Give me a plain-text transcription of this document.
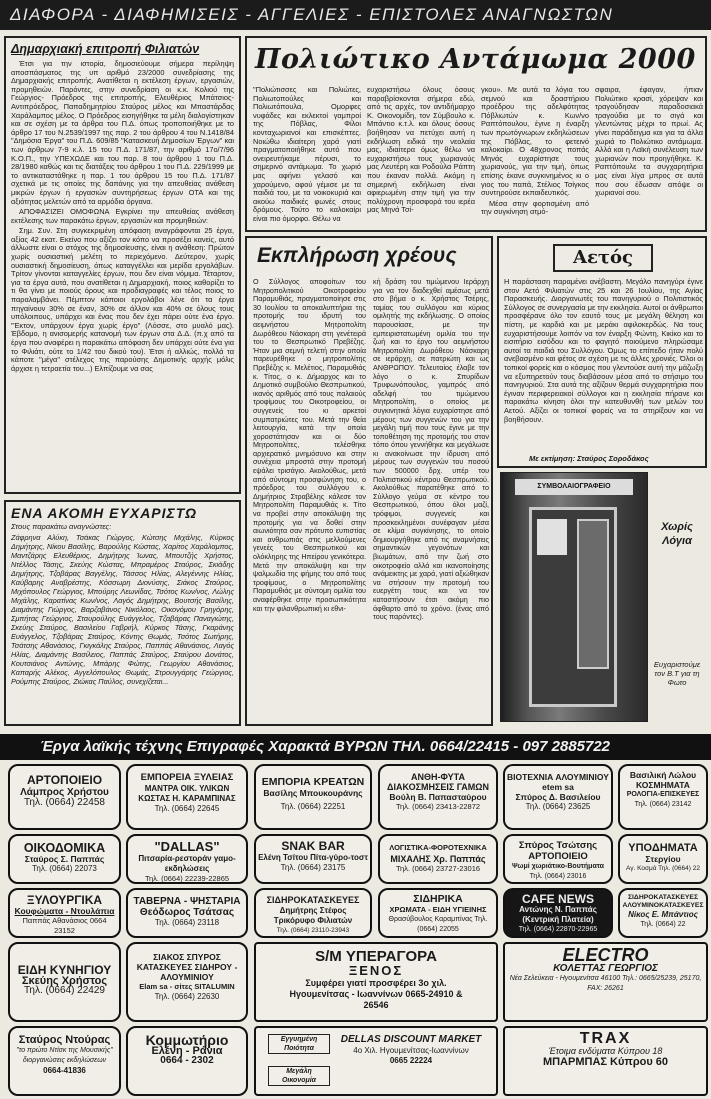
ΔΙΑΦΟΡΑ - ΔΙΑΦΗΜΙΣΕΙΣ - ΑΓΓΕΛΙΕΣ - ΕΠΙΣΤΟΛΕΣ ΑΝΑΓΝΩΣΤΩΝ
Δημαρχιακή επιτροπή Φιλιατών

Έτσι για την ιστορία, δημοσιεύουμε σήμερα περίληψη αποσπάσματος της υπ αριθμό 23/2000 συνεδρίασης της Δημαρχιακής επιτροπής. Ανατίθεται η εκτέλεση έργων, εργασιών, προμηθειών. Παρόντες, στην συνεδρίαση οι κ.κ. Κολιού της Γεώργιος- Πρόεδρος της επιτροπής, Ελευθέριος Μπάτσιος- Αντιπρόεδρος, Παπαδημητρίου Σταύρος μέλος και Μπαστάρδας Χαράλαμπος μέλος. Ο Πρόεδρος εισηγήθηκε τα μέλη διαλογίστηκαν και σε σχέση με τα άρθρα του Π.Δ. όπως τροποποιήθηκε με το άρθρο 17 του Ν.2539/1997 της παρ. 2 του άρθρου 4 του Ν.1418/84 "Δημόσια Έργα" του Π.Δ. 609/85 "Κατασκευή Δημοσίων Έργων" και των άρθρων 7-9 κ.λ. 15 του Π.Δ. 171/87, την αριθμό 17ο/7/96 Κ.Ο.Π., την ΥΠΕΧΩΔΕ και του παρ. 8 του άρθρου 1 του Π.Δ. 28/1980 καθώς και τις διατάξεις του άρθρου 1 του Π.Δ. 229/1999 με το αντικαταστάθηκε η παρ. 1 του άρθρου 15 του Π.Δ. 171/87 σχετικά με τις οποίες της δαπάνης για την απευθείας ανάθεση μικρών έργων ή εργασιών συντηρήσεως έργων ΟΤΑ και της αξιότητας μελετών από τα αρμόδια όργανα.

ΑΠΟΦΑΣΙΖΕΙ ΟΜΟΦΩΝΑ Εγκρίνει την απευθείας ανάθεση εκτέλεσης των παρακάτω έργων, εργασιών και προμηθειών:

Σημ. Συν. Στη συγκεκριμένη απόφαση αναγράφονται 25 έργα, αξίας 42 εκατ. Εκείνο που αξίζει τον κόπο να προσέξει κανείς, αυτό άλλωστε είναι ο στόχος της δημοσίευσης, είναι η ανάθεση: Πρώτον χωρίς ουσιαστική μελέτη το περιεχόμενο. Δεύτερον, χωρίς ουσιαστική δημοσίευση, όπως καταγγέλλει και μερίδα εργολάβων. Τρίτον γίνονται καταγγελίες έργων, που δεν είναι νόμιμα. Τέταρτον, για τα έργα αυτά, που ανατίθεται η Δημαρχιακή, ποιος καθορίζει το τι θα γίνει με ποιούς όρους και προδιαγραφές και τέλος ποιος το παραλαμβάνει. Πέμπτον κάποιοι εργολάβοι λένε ότι τα έργα πηγαίνουν 30% σε έναν, 30% σε άλλον και 40% σε όλους τους υπόλοιπους, υπάρχει και ένας που δεν έχει πάρει ούτε ένα έργο. "Έκτον, υπάρχουν έργα χωρίς έργο" (Λόσσε, στο μυαλό μας). Έβδομο, η ανισομερής κατανομή των έργων στα Δ.Δ. (π.χ από τα έργα που αναφέρει η παρακάτω απόφαση δεν υπάρχει ούτε ένα για το Φιλιάτι, ούτε το 1/42 του δικού του). Έτσι ή αλλιώς, πολλά τα κάποτε "μέγα" στέλεχος της παρούσης Δημοτικής αρχής μόλις άρχισε η τετραετία του...) Ελπίζουμε να σας

ΕΝΑ ΑΚΟΜΗ ΕΥΧΑΡΙΣΤΩ
Στους παρακάτω αναγνώστες:
Ζάφρηνα Αλύκη, Τσάκας Γιώργος, Κώτσης Μιχάλης, Κύρκος Δημήτρης, Νίκου Βασίλης, Βαρούλης Κώστας, Χαρίτος Χαράλαμπος, Μαντζάρης Ελευθέριος, Δημήτρης Ίωνας, Μπουτζής Χρήστος, Ντέλλος Τάσης, Σκεύης Κώστας, Μπραμέρος Σταύρος, Σκιάδης Δημήτρης, Τζοβάρας Βαγγέλης, Τάσσος Ηλίας, Αλεγέννης Ηλίας, Καύβαρης Αναβρέστης, Κόσσωρη Διονύσης, Σιάκος Σταύρος, Μιχόπουλος Γεώργιος, Μπούρης Λεωνίδας, Τσότος Κων/νος, Λώλης Μιχάλης, Καρατίνας Κων/νος, Λαγός Δημήτρης, Βουτσής Βασίλης, Διαμάντης Γιώργος, Βαρζαβάνος Νικόλαος, Οικονόμου Γρηγόρης, Σμπήτας Γεώργιος, Σταυρούλης Ευάγγελος, Τζαβάρας Παναγιώτης, Σκεύης Σταύρος, Βασιλείου Γαβριήλ, Κύρκος Τάσης, Γκαράνης Ευάγγελος, Τζοβάρας Σταύρος, Κόντης Θωμάς, Τσότος Σωτήρης, Τσάτσης Αθανάσιος, Γκιγκάλης Σταύρος, Παππάς Αθανάσιος, Λαγός Ηλίας, Διαμάντης Βασίλειος, Παππάς Σταύρος, Σταύρου Δονάτος, Κουτσιάνος Αντώνης, Μπάρης Φώτης, Γεωργίου Αθανάσιος, Καπαρής Αλέκος, Αγγελόπουλος Θωμάς, Στρουγγάρης Γεώργιος, Ρούμπης Σταύρος, Ζιώκας Παύλος, συνεχίζεται...
Πολιώτικο Αντάμωμα 2000
"Πολιώτισσες και Πολιώτες, Πολιωτοπούλες και Πολιωτόπουλα, Ομορφες νυφάδες και εκλεκτοί γαμπροί της Πόβλας, Φίλοι κονταχωριανοί και επισκέπτες. Νοιώθω ιδιαίτερη χαρά γιατί πραγματοποιήθηκε αυτό που ονειρευτήκαμε πέρυσι, το σημερινό αντάμωμα. Το χωριό μας αφήνει γελασό και χαρούμενο, αφού γέμισε με τα παιδιά του, με τα νοικοκυριά και ακούω παιδικές φωνές στους δρόμους. Τούτο το καλοκαίρι είναι πιο όμορφο. Θέλω να
ευχαριστήσω όλους όσους παραβρίσκονται σήμερα εδώ, από τις αρχές, τον αντιδήμαρχο Κ. Οικονομίδη, τον Σύμβουλο κ. Μπάντιο κ.τ.λ. και όλους όσους βοήθησαν να πετύχει αυτή η εκδήλωση ειδικά την νεολαία μας, ιδιαίτερα όμως θέλω να ευχαριστήσω τους χωριανούς μας Λευτέρη και Ροδούλα Ράπτη που έκαναν πολλά. Ακόμη η σημερινή εκδήλωση είναι αφιερωμένη στην τιμή για την πολύχρονη προσφορά του ιερέα μας Μηνά Τσί-
γκου». Με αυτά τα λόγια του σεμνού και δραστήριου προέδρου της αδελφότητας Πόβλιωτών κ. Κων/νο Ραπτόπουλου, έγινε η έναρξη των πρωτόγνωρων εκδηλώσεων της Πόβλας, το φετεινό καλοκαίρι. Ο 48χρονος ποπάς Μηνάς ευχαρίστησε τους χωριανούς, για την τιμή, όπως επίσης έκανε συγκινημένος κι ο γιος του παπά, Στέλιος Τσίγκος συντηρούσε εκπαιδευτικός.
Μέσα στην φορτισμένη από την συγκίνηση ατμό-
σφαιρα, έφαγαν, ήπιαν Πολιώτικο κρασί, χόρεψαν και τραγούδησαν παραδοσιακά τραγούδια με το σιγά και γλεντώντας μέχρι το πρωί. Ας γίνει παράδειγμα και για τα άλλα χωριά το Πολιώτικο αντάμωμα. Αλλά και η Λαϊκή συνέλευση των χωριανών που προηγήθηκε. Κ. Ραπτόπουλε τα συγχαρητήρια μας είναι λίγα μπρος σε αυτά που σου έδωσαν απόψε οι χωριανοί σου.
Εκπλήρωση χρέους
Ο Σύλλογος αποφοίτων του Μητροπολιτικού Οικοτροφείου Παραμυθιάς, πραγματοποίησε στις 30 Ιουλίου τα αποκαλυπτήρια της προτομής του ιδρυτή του αειμνήστου Μητροπολίτη Δωρόθεου Νάσκαρη στη γενέτειρά του το Θεσπρωτικό Πρεβέζης. Ήταν μια σεμνή τελετή στην οποία παρευρέθηκε ο μητροπολίτης Πρεβέζης κ. Μελέτιος, Παραμυθιάς κ. Τίτος, ο κ. Δήμαρχος και το Δημοτικό συμβούλιο Θεσπρωτικού, ικανός αριθμός από τους παλαιούς τροφίμους του Οικοτροφείου, οι συγγενείς του κι αρκετοί συμπατριώτες του. Μετά την θεία λειτουργία, κατά την οποία χοροστάτησαν και οι δύο Μητροπολίτες, τελέσθηκε αρχιερατικό μνημόσυνο και στην συνέχεια μπροστά στην προτομή εψάλει τρισάγιο. Ακολούθως, μετά από σύντομη προσφώνηση του, ο πρόεδρος του συλλόγου κ. Δημήτριος Στραβέλης κάλεσε τον Μητροπολίτη Παραμυθιάς κ. Τίτο να προβεί στην αποκάλυψη της προτομής για να δοθεί στην αιωνιότητα σαν πρότυπο ευπιστίας και ανθρωπιάς στις μελλούμενες γενεές του Θεσπρωτικού και ολόκληρης της Ηπείρου γενικότερα. Μετά την αποκάλυψη και την ψαλμωδία της φήμης του από τους τροφίμους, ο Μητροπολίτης Παραμυθιάς με σύντομη ομιλία του αναφέρθηκε στην προσωπικότητα και την φιλανθρωπική κι εθνι-
κή δράση του τιμώμενου Ιεράρχη για να τον διαδεχθεί αμέσως μετά στο βήμα ο κ. Χρήστος Τσέρης, ταμίας του συλλόγου και κύριος ομιλητής της εκδήλωσης. Ο οποίος παρουσίασε, με την εμπειριστατωμένη ομιλία του την ζωή και το έργο του αειμνήστου Μητροπολίτη Δωρόθεου Νάσκαρη σε ιεράρχη, σε πατριώτη και ως ΑΝΘΡΩΠΟΥ. Τελευταίος έλαβε τον λόγο ο κ. Σπυρίδων Τρυφωνόπουλος, γαμπρός από αδελφή του τιμώμενου Μητροπολίτη, ο οποίος με συγκινητικά λόγια ευχαρίστησε από μέρους των συγγενών του για την μεγάλη τιμή που τους έγινε με την τοποθέτηση της προτομής του στον τόπο όπου γεννήθηκε και μεγάλωσε κι ανακοίνωσε την ίδρυση από μέρους των συγγενών του ποσού των 500000 δρχ. υπέρ του Πολιτιστικού κέντρου Θεσπρωτικού. Ακολούθως παρατέθηκε από το Σύλλογο γεύμα σε κέντρο του Θεσπρωτικού, όπου όλοι μαζί, τρόφιμοι, συγγενείς και προσκεκλημένοι συνέφαγαν μέσα σε κλίμα συγκίνησης, το οποίο δημιουργήθηκε από τις αναμνήσεις σημαντικών γεγονότων και βιωμάτων, από την ζωή στο οικοτροφείο αλλά και ικανοποίησης ανάμεικτης με χαρά, γιατί αξιώθηκαν να στήσουν την προτομή του ευεργέτη τους και να τον καταστήσουν έτσι ακόμη πιο άφθαρτο από το χρόνο. (ένας από τους παρόντες).
Αετός
Η παράσταση παραμένει ανέβαστη. Μεγάλο πανηγύρι έγινε στον Αετό Φιλιατών στις 25 και 26 Ιουλίου, της Αγίας Παρασκευής. Διοργανωτές του πανηγυριού ο Πολιτιστικός Σύλλογος σε συνεργασία με την εκκλησία. Αυτοί οι άνθρωποι προσφέρανε όλο τον εαυτό τους με μεγάλη θέληση και πίστη, με καρδιά και με μεράκι αφιλοκερδώς. Να τους ευχαριστήσουμε λοιπόν να τον έναρξη Φώντη, Κικίκο και το εισιτήριο εισόδου και το φαγητό ποιούμενο πληρώσαμε αυτοί τα παιδιά του Συλλόγου. Όμως το επίπεδο ήταν πολύ ανεβασμένο και φέτος σε σχέση με τις άλλες χρονιές. Όλοι οι τοπικοί φορείς και ο κόσμος που γλεντούσε αυτή την μάζωξη να εξυπηρετούν τους διαβάσουν μέσα από το στήσιμο του πανηγυριού. Στα αυτά της αξίζουν θερμά συγχαρητήρια που έγιναν περιφερειακοί σύλλογοι και η εκκλησία πήρανε και παρακάτω κίνηση όλοι την κατευθυνθή των μελών του Αετού. Αξίζει οι τοπικοί φορείς να τα στηρίξουν και να βοηθήσουν.
Με εκτίμηση: Σταύρος Σοροδάκος
ΣΥΜΒΟΛΑΙΟΓΡΑΦΕΙΟ
Χωρίς
Λόγια
Ευχαριστούμε τον Β.Τ για τη Φωτο
Έργα λαϊκής τέχνης Επιγραφές Χαρακτά ΒΥΡΩΝ ΤΗΛ. 0664/22415 - 097 2885722
ΑΡΤΟΠΟΙΕΙΟ
Λάμπρος Χρήστου
Τηλ. (0664) 22458
ΕΜΠΟΡΕΙΑ ΞΥΛΕΙΑΣ
ΜΑΝΤΡΑ ΟΙΚ. ΥΛΙΚΩΝ ΚΩΣΤΑΣ Η. ΚΑΡΑΜΠΙΝΑΣ
Τηλ. (0664) 22645
ΕΜΠΟΡΙΑ ΚΡΕΑΤΩΝ
Βασίλης Μπουκουράνης
Τηλ. (0664) 22251
ΑΝΘΗ-ΦΥΤΑ ΔΙΑΚΟΣΜΗΣΕΙΣ ΓΑΜΩΝ
Βούλη Β. Παπασταύρου
Τηλ. (0664) 23413-22872
ΒΙΟΤΕΧΝΙΑ ΑΛΟΥΜΙΝΙΟΥ etem sa
Σπύρος Δ. Βασιλείου
Τηλ. (0664) 23625
Βασιλική Λώλου ΚΟΣΜΗΜΑΤΑ
ΡΟΛΟΓΙΑ-ΕΠΙΣΚΕΥΕΣ
Τηλ. (0664) 23142
ΟΙΚΟΔΟΜΙΚΑ
Σταύρος Σ. Παππάς
Τηλ. (0664) 22073
"DALLAS"
Πιτσαρία-ρεστοράν γαμο-εκδηλώσεις
Τηλ. (0664) 22239-22865
SNAK BAR
Ελένη Τσίτου Πίτα-γύρο-τοστ
Τηλ. (0664) 23175
ΛΟΓΙΣΤΙΚΑ-ΦΟΡΟΤΕΧΝΙΚΑ
ΜΙΧΑΛΗΣ Χρ. Παππάς
Τηλ. (0664) 23727-23016
Σπύρος Τσώτσης ΑΡΤΟΠΟΙΕΙΟ
Ψωμί χωριάτικο-Βουτήματα
Τηλ. (0664) 23016
ΥΠΟΔΗΜΑΤΑ
Στεργίου
Αγ. Κοσμά Τηλ. (0664) 22
ΞΥΛΟΥΡΓΙΚΑ
Κουφώματα - Ντουλάπια
Παππάς Αθανάσιος 0664 23152
ΤΑΒΕΡΝΑ - ΨΗΣΤΑΡΙΑ
Θεόδωρος Τσάτσας
Τηλ. (0664) 23118
ΣΙΔΗΡΟΚΑΤΑΣΚΕΥΕΣ
Δημήτρης Στέφος Τρικόρυφο Φιλιατών
Τηλ. (0664) 23110-23943
ΣΙΔΗΡΙΚΑ
ΧΡΩΜΑΤΑ - ΕΙΔΗ ΥΓΙΕΙΝΗΣ
Θρασύβουλος Καραμπίνας Τηλ. (0664) 22055
CAFE NEWS
Αντώνης Ν. Παππάς (Κεντρική Πλατεία)
Τηλ. (0664) 22870-22965
ΣΙΔΗΡΟΚΑΤΑΣΚΕΥΕΣ ΑΛΟΥΜΙΝΟΚΑΤΑΣΚΕΥΕΣ
Νίκος Ε. Μπάντιος
Τηλ. (0664) 22
ΕΙΔΗ ΚΥΝΗΓΙΟΥ
Σκεύης Χρήστος
Τηλ. (0664) 22429
ΣΙΑΚΟΣ ΣΠΥΡΟΣ ΚΑΤΑΣΚΕΥΕΣ ΣΙΔΗΡΟΥ - ΑΛΟΥΜΙΝΙΟΥ
Elam sa - σίτες SITALUMIN
Τηλ. (0664) 22630
S/M ΥΠΕΡΑΓΟΡΑ
ΞΕΝΟΣ
Συμφέρει γιατί προσφέρει 3ο χιλ. Ηγουμενίτσας - Ιωαννίνων 0665-24910 & 26546
ELECTRO
ΚΟΛΕΤΤΑΣ ΓΕΩΡΓΙΟΣ
Νέα Σελεύκεια - Ηγουμενίτσα 46100 Τηλ.: 0665/25239, 25170, FAX: 26261
Σταύρος Ντούρας
"το πρώτο Ντίσκ της Μουσικής" διοργανώσεις εκδηλώσεων
0664-41836
Κομμωτήριο
Ελένη - Ράνια
0664 - 2302
Εγγυημένη Ποιότητα
Μεγάλη Οικονομία
DELLAS DISCOUNT MARKET
4ο Χιλ. Ηγουμενίτσας-Ιωαννίνων
0665 22224
TRAX
Έτοιμα ενδύματα Κύπρου 18
ΜΠΑΡΜΠΑΣ Κύπρου 60
